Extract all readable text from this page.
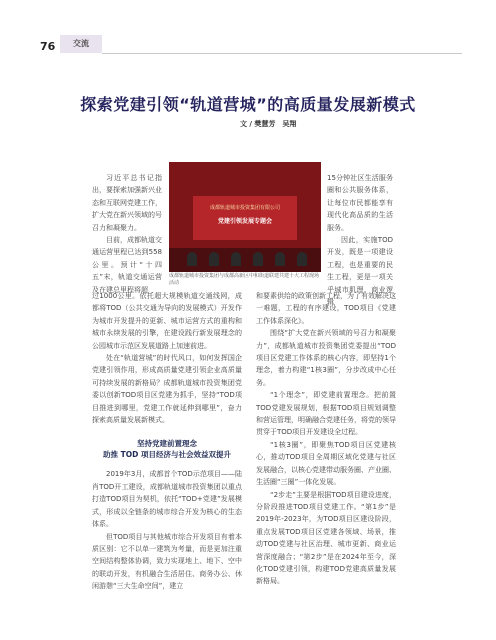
76	交流
探索党建引领“轨道营城”的高质量发展新模式
文 / 樊慧芳　吴翔
成都轨道城市投资集团有限公司
党建引领发展专题会
成都轨道城市投资集团与成都高新区中和街道联建共建十大工程现场活动

习近平总书记指出，要探索加强新兴业态和互联网党建工作，扩大党在新兴领域的号召力和凝聚力。

目前，成都轨道交通运营里程已达到558公里。预计“十四五”末，轨道交通运营及在建总里程将超

过1000公里。依托超大规模轨道交通线网，成都将TOD（公共交通为导向的发展模式）开发作为城市开发提升的更新、城市运营方式的重构和城市永续发展的引擎，在建设践行新发展理念的公园城市示范区发展道路上加速前进。

处在“轨道营城”的时代风口，如何发挥国企党建引领作用，形成高质量党建引领企业高质量可持续发展的新格局？成都轨道城市投资集团党委以创新TOD项目区党建为抓手，坚持“TOD项目推进到哪里，党建工作就延伸到哪里”，奋力探索高质量发展新模式。

坚持党建前置理念
助推 TOD 项目经济与社会效益双提升

2019年3月，成都首个TOD示范项目——陆肖TOD开工建设，成都轨道城市投资集团以重点打造TOD项目为契机，依托“TOD+党建”发展模式，形成以全链条的城市综合开发为核心的生态体系。

但TOD项目与其他城市综合开发项目有着本质区别：它不以单一建筑为考量，而是更加注重空间结构整体协调，致力实现地上、地下、空中的联动开发，有机融合生活居住、商务办公、休闲游憩“三大生命空间”，建立

15分钟社区生活服务圈和公共服务体系，让每位市民都能享有现代化高品质的生活服务。

因此，实施TOD开发，既是一项建设工程，也是重要的民生工程，更是一项关乎城市肌理、商业逻辑

和要素供给的政策创新工程，为了有效解决这一难题，工程的有序建设，TOD项目《党建工作体系深化》。

围绕“扩大党在新兴领域的号召力和凝聚力”，成都轨道城市投资集团党委提出“TOD项目区党建工作体系的核心内容，即坚持1个理念，着力构建“1核3圈”，分步改成中心任务。

“1个理念”，即党建前置理念。把前置TOD党建发展规划，根据TOD项目规划调整和营运管理，明确融合党建任务，将党的领导贯穿于TOD项目开发建设全过程。

“1核3圈”，即聚焦TOD项目区党建核心，推动TOD项目全周期区域化党建与社区发展融合，以核心党建带动服务圈、产业圈、生活圈“三圈”一体化发展。

“2步走”主要是根据TOD项目建设进度，分阶段推进TOD项目党建工作。“第1步”是2019年-2023年，为TOD项目区建设阶段，重点发展TOD项目区党建各领域、场景，推动TOD党建与社区治理、城市更新、商业运营深度融合；“第2步”是在2024年至今，深化TOD党建引领，构建TOD党建高质量发展新格局。
